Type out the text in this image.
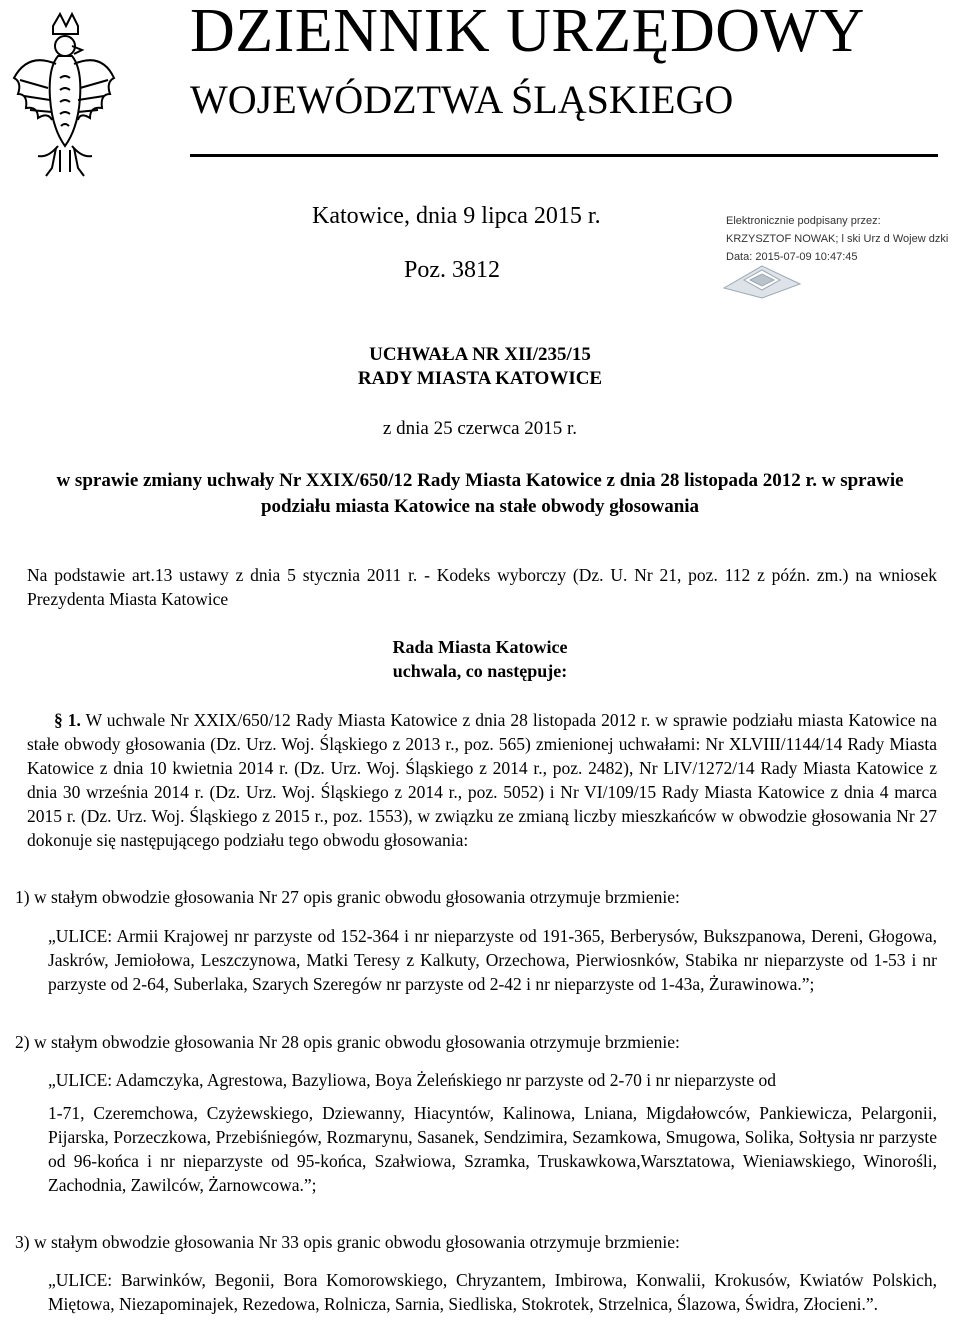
DZIENNIK URZĘDOWY
WOJEWÓDZTWA ŚLĄSKIEGO
Katowice, dnia 9 lipca 2015 r.
Poz. 3812
Elektronicznie podpisany przez:
KRZYSZTOF NOWAK; l ski Urz d Wojew dzki
Data: 2015-07-09 10:47:45
UCHWAŁA NR XII/235/15
RADY MIASTA KATOWICE
z dnia 25 czerwca 2015 r.
w sprawie zmiany uchwały Nr XXIX/650/12 Rady Miasta Katowice z dnia 28 listopada 2012 r. w sprawie
podziału miasta Katowice na stałe obwody głosowania
Na podstawie art.13 ustawy z dnia 5 stycznia 2011 r. - Kodeks wyborczy (Dz. U. Nr 21, poz. 112 z późn. zm.) na wniosek Prezydenta Miasta Katowice
Rada Miasta Katowice
uchwala, co następuje:
§ 1. W uchwale Nr XXIX/650/12 Rady Miasta Katowice z dnia 28 listopada 2012 r. w sprawie podziału miasta Katowice na stałe obwody głosowania (Dz. Urz. Woj. Śląskiego z 2013 r., poz. 565) zmienionej uchwałami: Nr XLVIII/1144/14 Rady Miasta Katowice z dnia 10 kwietnia 2014 r. (Dz. Urz. Woj. Śląskiego z 2014 r., poz. 2482), Nr LIV/1272/14 Rady Miasta Katowice z dnia 30 września 2014 r. (Dz. Urz. Woj. Śląskiego z 2014 r., poz. 5052) i Nr VI/109/15 Rady Miasta Katowice z dnia 4 marca 2015 r. (Dz. Urz. Woj. Śląskiego z 2015 r., poz. 1553), w związku ze zmianą liczby mieszkańców w obwodzie głosowania Nr 27 dokonuje się następującego podziału tego obwodu głosowania:
1) w stałym obwodzie głosowania Nr 27 opis granic obwodu głosowania otrzymuje brzmienie:
„ULICE: Armii Krajowej nr parzyste od 152-364 i nr nieparzyste od 191-365, Berberysów, Bukszpanowa, Dereni, Głogowa, Jaskrów, Jemiołowa, Leszczynowa, Matki Teresy z Kalkuty, Orzechowa, Pierwiosnków, Stabika nr nieparzyste od 1-53 i nr parzyste od 2-64, Suberlaka, Szarych Szeregów nr parzyste od 2-42 i nr nieparzyste od 1-43a, Żurawinowa.”;
2) w stałym obwodzie głosowania Nr 28 opis granic obwodu głosowania otrzymuje brzmienie:
„ULICE: Adamczyka, Agrestowa, Bazyliowa, Boya Żeleńskiego nr parzyste od 2-70 i nr nieparzyste od
1-71, Czeremchowa, Czyżewskiego, Dziewanny, Hiacyntów, Kalinowa, Lniana, Migdałowców, Pankiewicza, Pelargonii, Pijarska, Porzeczkowa, Przebiśniegów, Rozmarynu, Sasanek, Sendzimira, Sezamkowa, Smugowa, Solika, Sołtysia nr parzyste od 96-końca i nr nieparzyste od 95-końca, Szałwiowa, Szramka, Truskawkowa,Warsztatowa, Wieniawskiego, Winorośli, Zachodnia, Zawilców, Żarnowcowa.”;
3) w stałym obwodzie głosowania Nr 33 opis granic obwodu głosowania otrzymuje brzmienie:
„ULICE: Barwinków, Begonii, Bora Komorowskiego, Chryzantem, Imbirowa, Konwalii, Krokusów, Kwiatów Polskich, Miętowa, Niezapominajek, Rezedowa, Rolnicza, Sarnia, Siedliska, Stokrotek, Strzelnica, Ślazowa, Świdra, Złocieni.”.
